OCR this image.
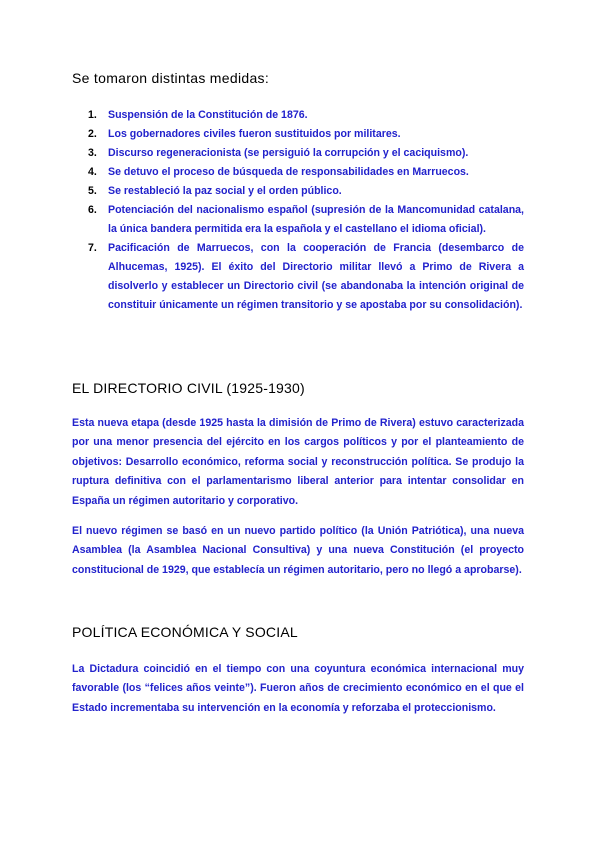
Se tomaron distintas medidas:
1. Suspensión de la Constitución de 1876.
2. Los gobernadores civiles fueron sustituidos por militares.
3. Discurso regeneracionista (se persiguió la corrupción y el caciquismo).
4. Se detuvo el proceso de búsqueda de responsabilidades en Marruecos.
5. Se restableció la paz social y el orden público.
6. Potenciación del nacionalismo español (supresión de la Mancomunidad catalana, la única bandera permitida era la española y el castellano el idioma oficial).
7. Pacificación de Marruecos, con la cooperación de Francia (desembarco de Alhucemas, 1925). El éxito del Directorio militar llevó a Primo de Rivera a disolverlo y establecer un Directorio civil (se abandonaba la intención original de constituir únicamente un régimen transitorio y se apostaba por su consolidación).
EL DIRECTORIO CIVIL (1925-1930)

Esta nueva etapa (desde 1925 hasta la dimisión de Primo de Rivera) estuvo caracterizada por una menor presencia del ejército en los cargos políticos y por el planteamiento de objetivos: Desarrollo económico, reforma social y reconstrucción política. Se produjo la ruptura definitiva con el parlamentarismo liberal anterior para intentar consolidar en España un régimen autoritario y corporativo.

El nuevo régimen se basó en un nuevo partido político (la Unión Patriótica), una nueva Asamblea (la Asamblea Nacional Consultiva) y una nueva Constitución (el proyecto constitucional de 1929, que establecía un régimen autoritario, pero no llegó a aprobarse).

POLÍTICA ECONÓMICA Y SOCIAL

La Dictadura coincidió en el tiempo con una coyuntura económica internacional muy favorable (los “felices años veinte”). Fueron años de crecimiento económico en el que el Estado incrementaba su intervención en la economía y reforzaba el proteccionismo.
